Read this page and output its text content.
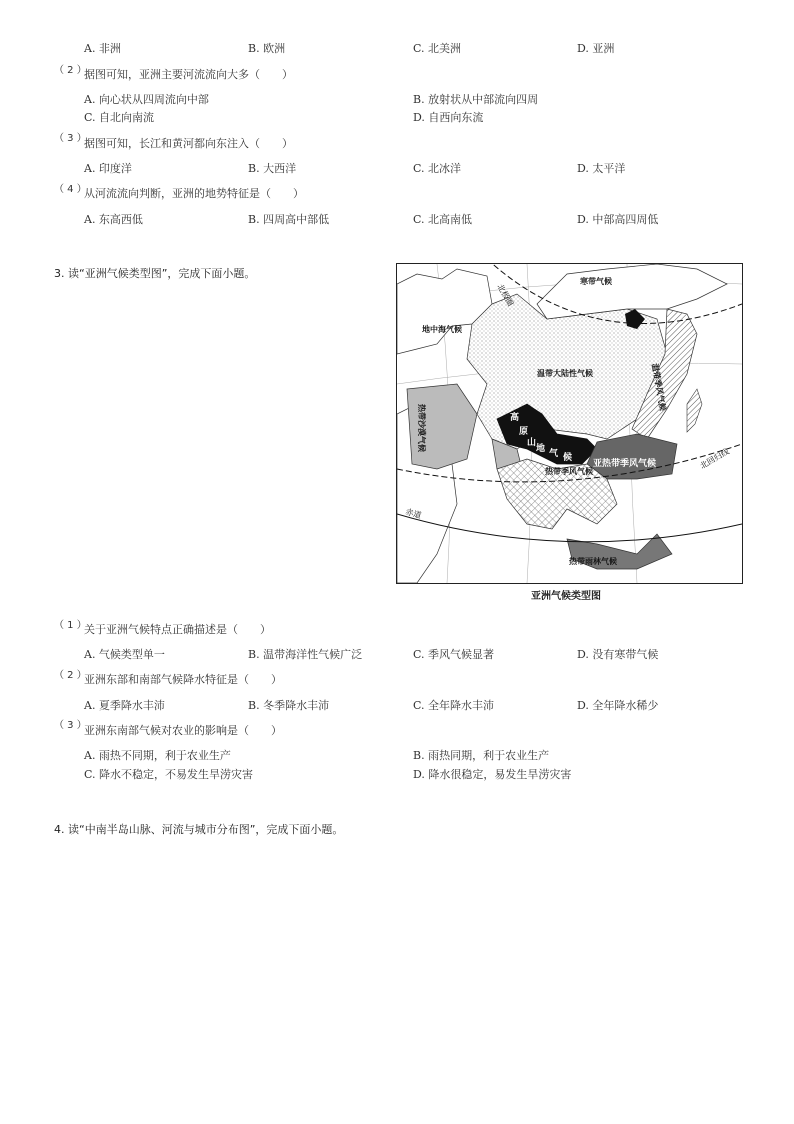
A. 非洲	B. 欧洲	C. 北美洲	D. 亚洲
（ 2 ）
据图可知，亚洲主要河流流向大多（　　）
A. 向心状从四周流向中部	B. 放射状从中部流向四周
C. 自北向南流	D. 自西向东流
（ 3 ）
据图可知，长江和黄河都向东注入（　　）
A. 印度洋	B. 大西洋	C. 北冰洋	D. 太平洋
（ 4 ）
从河流流向判断，亚洲的地势特征是（　　）
A. 东高西低	B. 四周高中部低	C. 北高南低	D. 中部高四周低
3. 读“亚洲气候类型图”，完成下面小题。
寒带气候
北极圈
地中海气候
温带大陆性气候	温带季风气候
热带沙漠气候	高
原
山
地 气 候
亚热带季风气候
热带季风气候
北回归线
赤道
热带雨林气候
亚洲气候类型图
（ 1 ）
关于亚洲气候特点正确描述是（　　）
A. 气候类型单一	B. 温带海洋性气候广泛	C. 季风气候显著	D. 没有寒带气候
（ 2 ）
亚洲东部和南部气候降水特征是（　　）
A. 夏季降水丰沛	B. 冬季降水丰沛	C. 全年降水丰沛	D. 全年降水稀少
（ 3 ）
亚洲东南部气候对农业的影响是（　　）
A. 雨热不同期，利于农业生产	B. 雨热同期，利于农业生产
C. 降水不稳定，不易发生旱涝灾害	D. 降水很稳定，易发生旱涝灾害
4. 读“中南半岛山脉、河流与城市分布图”，完成下面小题。
